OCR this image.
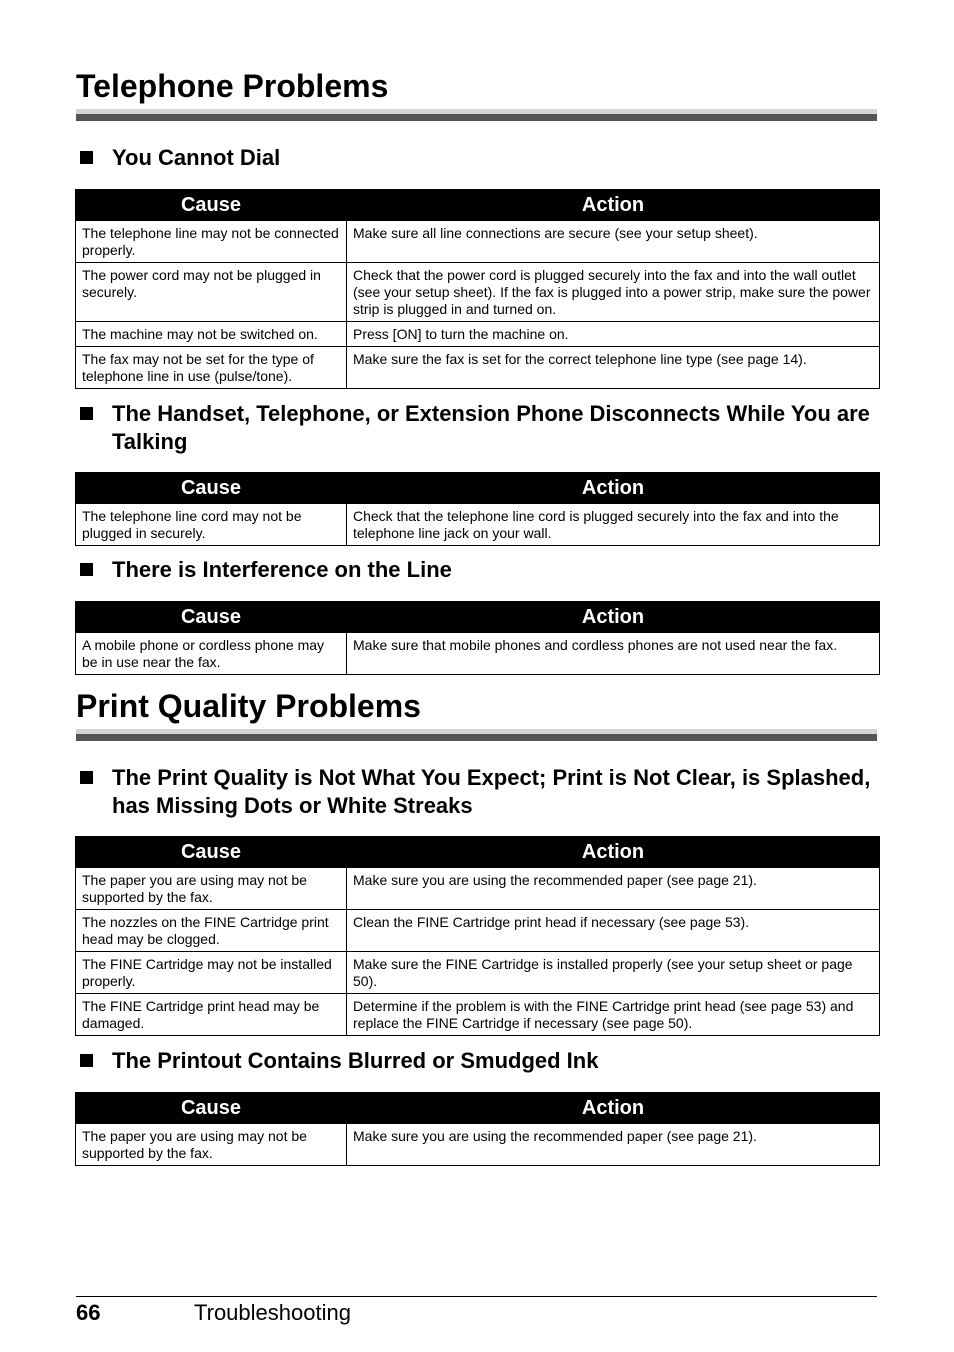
Telephone Problems
You Cannot Dial
Cause	Action
The telephone line may not be connected properly.	Make sure all line connections are secure (see your setup sheet).
The power cord may not be plugged in securely.	Check that the power cord is plugged securely into the fax and into the wall outlet (see your setup sheet). If the fax is plugged into a power strip, make sure the power strip is plugged in and turned on.
The machine may not be switched on.	Press [ON] to turn the machine on.
The fax may not be set for the type of telephone line in use (pulse/tone).	Make sure the fax is set for the correct telephone line type (see page 14).
The Handset, Telephone, or Extension Phone Disconnects While You are Talking
Cause	Action
The telephone line cord may not be plugged in securely.	Check that the telephone line cord is plugged securely into the fax and into the telephone line jack on your wall.
There is Interference on the Line
Cause	Action
A mobile phone or cordless phone may be in use near the fax.	Make sure that mobile phones and cordless phones are not used near the fax.
Print Quality Problems
The Print Quality is Not What You Expect; Print is Not Clear, is Splashed, has Missing Dots or White Streaks
Cause	Action
The paper you are using may not be supported by the fax.	Make sure you are using the recommended paper (see page 21).
The nozzles on the FINE Cartridge print head may be clogged.	Clean the FINE Cartridge print head if necessary (see page 53).
The FINE Cartridge may not be installed properly.	Make sure the FINE Cartridge is installed properly (see your setup sheet or page 50).
The FINE Cartridge print head may be damaged.	Determine if the problem is with the FINE Cartridge print head (see page 53) and replace the FINE Cartridge if necessary (see page 50).
The Printout Contains Blurred or Smudged Ink
Cause	Action
The paper you are using may not be supported by the fax.	Make sure you are using the recommended paper (see page 21).
66	Troubleshooting
